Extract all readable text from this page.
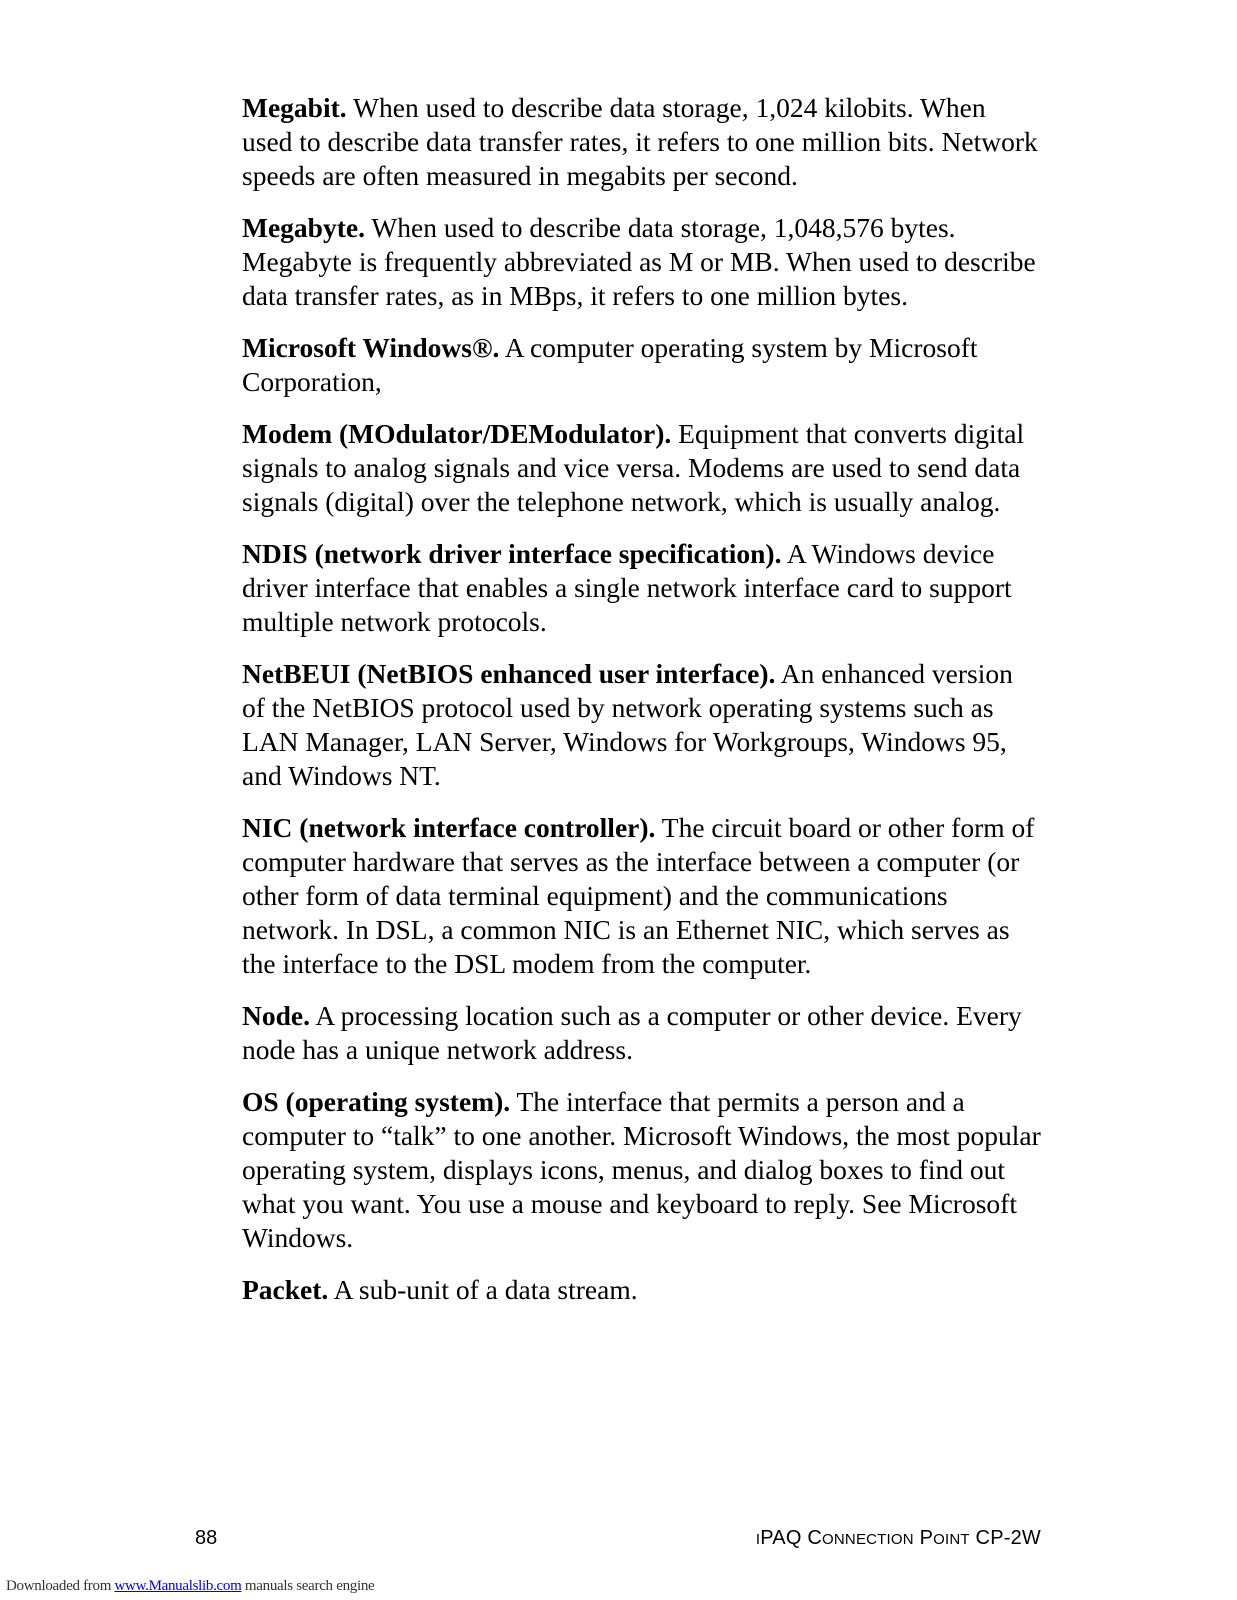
Megabit. When used to describe data storage, 1,024 kilobits. When used to describe data transfer rates, it refers to one million bits. Network speeds are often measured in megabits per second.

Megabyte. When used to describe data storage, 1,048,576 bytes. Megabyte is frequently abbreviated as M or MB. When used to describe data transfer rates, as in MBps, it refers to one million bytes.

Microsoft Windows®. A computer operating system by Microsoft Corporation,

Modem (MOdulator/DEModulator). Equipment that converts digital signals to analog signals and vice versa. Modems are used to send data signals (digital) over the telephone network, which is usually analog.

NDIS (network driver interface specification). A Windows device driver interface that enables a single network interface card to support multiple network protocols.

NetBEUI (NetBIOS enhanced user interface). An enhanced version of the NetBIOS protocol used by network operating systems such as LAN Manager, LAN Server, Windows for Workgroups, Windows 95, and Windows NT.

NIC (network interface controller). The circuit board or other form of computer hardware that serves as the interface between a computer (or other form of data terminal equipment) and the communications network. In DSL, a common NIC is an Ethernet NIC, which serves as the interface to the DSL modem from the computer.

Node. A processing location such as a computer or other device. Every node has a unique network address.

OS (operating system). The interface that permits a person and a computer to “talk” to one another. Microsoft Windows, the most popular operating system, displays icons, menus, and dialog boxes to find out what you want. You use a mouse and keyboard to reply. See Microsoft Windows.

Packet. A sub-unit of a data stream.

88	IPAQ CONNECTION POINT CP-2W
Downloaded from www.Manualslib.com manuals search engine
